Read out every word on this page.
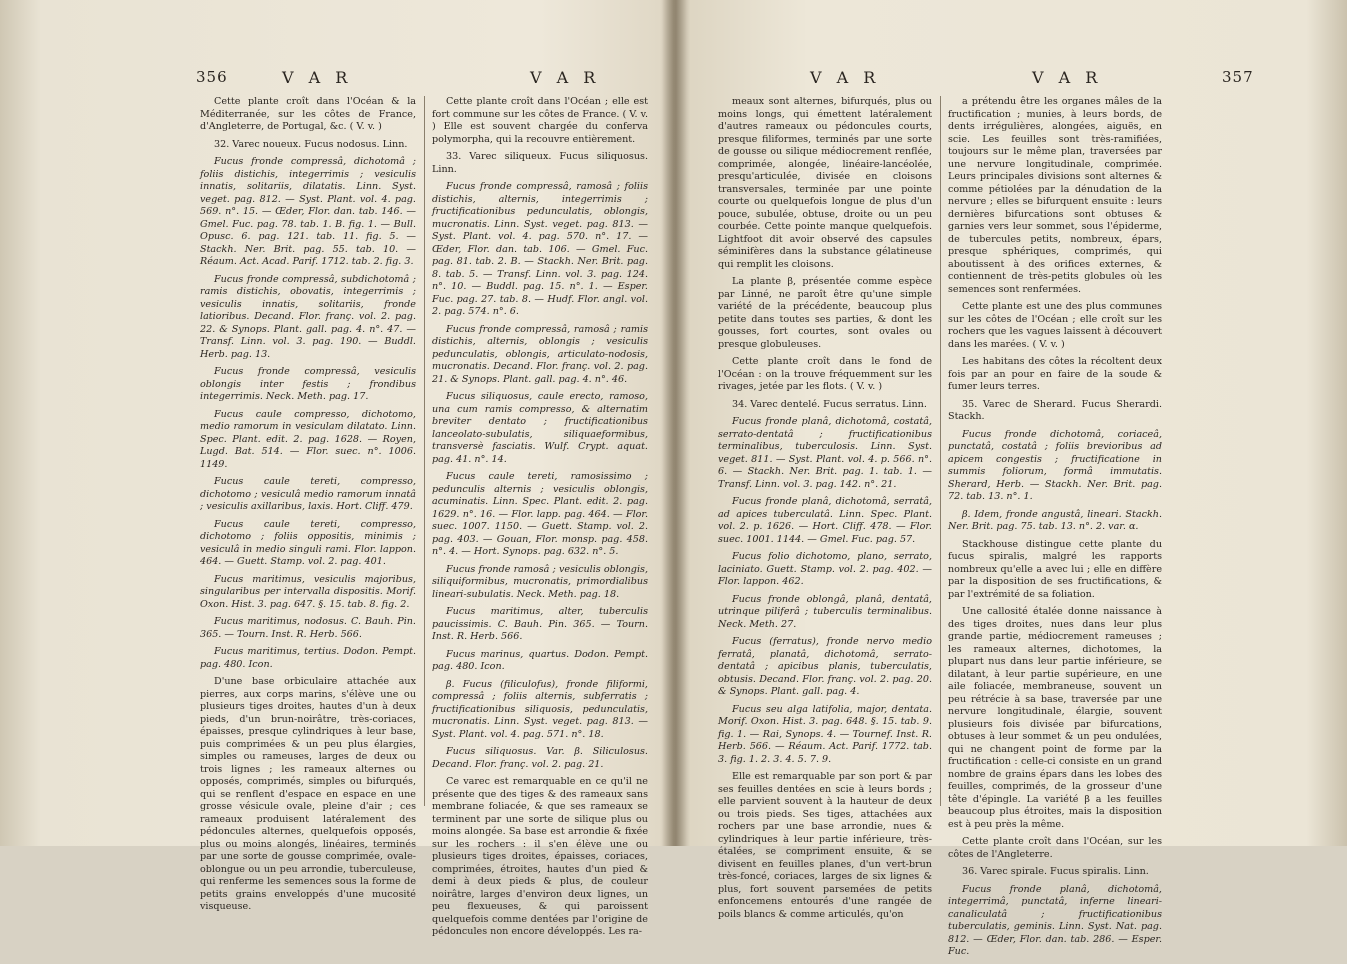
356	V A R	V A R

Cette plante croît dans l'Océan & la Méditerranée, sur les côtes de France, d'Angleterre, de Portugal, &c. ( V. v. )

32. Varec noueux. Fucus nodosus. Linn.

Fucus fronde compressâ, dichotomâ ; foliis distichis, integerrimis ; vesiculis innatis, solitariis, dilatatis. Linn. Syst. veget. pag. 812. — Syst. Plant. vol. 4. pag. 569. n°. 15. — Œder, Flor. dan. tab. 146. — Gmel. Fuc. pag. 78. tab. 1. B. fig. 1. — Bull. Opusc. 6. pag. 121. tab. 11. fig. 5. — Stackh. Ner. Brit. pag. 55. tab. 10. — Réaum. Act. Acad. Parif. 1712. tab. 2. fig. 3.

Fucus fronde compressâ, subdichotomâ ; ramis distichis, obovatis, integerrimis ; vesiculis innatis, solitariis, fronde latioribus. Decand. Flor. franç. vol. 2. pag. 22. & Synops. Plant. gall. pag. 4. n°. 47. — Transf. Linn. vol. 3. pag. 190. — Buddl. Herb. pag. 13.

Fucus fronde compressâ, vesiculis oblongis inter festis ; frondibus integerrimis. Neck. Meth. pag. 17.

Fucus caule compresso, dichotomo, medio ramorum in vesiculam dilatato. Linn. Spec. Plant. edit. 2. pag. 1628. — Royen, Lugd. Bat. 514. — Flor. suec. n°. 1006. 1149.

Fucus caule tereti, compresso, dichotomo ; vesiculâ medio ramorum innatâ ; vesiculis axillaribus, laxis. Hort. Cliff. 479.

Fucus caule tereti, compresso, dichotomo ; foliis oppositis, minimis ; vesiculâ in medio singuli rami. Flor. lappon. 464. — Guett. Stamp. vol. 2. pag. 401.

Fucus maritimus, vesiculis majoribus, singularibus per intervalla dispositis. Morif. Oxon. Hist. 3. pag. 647. §. 15. tab. 8. fig. 2.

Fucus maritimus, nodosus. C. Bauh. Pin. 365. — Tourn. Inst. R. Herb. 566.

Fucus maritimus, tertius. Dodon. Pempt. pag. 480. Icon.

D'une base orbiculaire attachée aux pierres, aux corps marins, s'élève une ou plusieurs tiges droites, hautes d'un à deux pieds, d'un brun-noirâtre, très-coriaces, épaisses, presque cylindriques à leur base, puis comprimées & un peu plus élargies, simples ou rameuses, larges de deux ou trois lignes ; les rameaux alternes ou opposés, comprimés, simples ou bifurqués, qui se renflent d'espace en espace en une grosse vésicule ovale, pleine d'air ; ces rameaux produisent latéralement des pédoncules alternes, quelquefois opposés, plus ou moins alongés, linéaires, terminés par une sorte de gousse comprimée, ovale-oblongue ou un peu arrondie, tuberculeuse, qui renferme les semences sous la forme de petits grains enveloppés d'une mucosité visqueuse.

Cette plante croît dans l'Océan ; elle est fort commune sur les côtes de France. ( V. v. ) Elle est souvent chargée du conferva polymorpha, qui la recouvre entièrement.

33. Varec siliqueux. Fucus siliquosus. Linn.

Fucus fronde compressâ, ramosâ ; foliis distichis, alternis, integerrimis ; fructificationibus pedunculatis, oblongis, mucronatis. Linn. Syst. veget. pag. 813. — Syst. Plant. vol. 4. pag. 570. n°. 17. — Œder, Flor. dan. tab. 106. — Gmel. Fuc. pag. 81. tab. 2. B. — Stackh. Ner. Brit. pag. 8. tab. 5. — Transf. Linn. vol. 3. pag. 124. n°. 10. — Buddl. pag. 15. n°. 1. — Esper. Fuc. pag. 27. tab. 8. — Hudf. Flor. angl. vol. 2. pag. 574. n°. 6.

Fucus fronde compressâ, ramosâ ; ramis distichis, alternis, oblongis ; vesiculis pedunculatis, oblongis, articulato-nodosis, mucronatis. Decand. Flor. franç. vol. 2. pag. 21. & Synops. Plant. gall. pag. 4. n°. 46.

Fucus siliquosus, caule erecto, ramoso, una cum ramis compresso, & alternatim breviter dentato ; fructificationibus lanceolato-subulatis, siliquaeformibus, transversè fasciatis. Wulf. Crypt. aquat. pag. 41. n°. 14.

Fucus caule tereti, ramosissimo ; pedunculis alternis ; vesiculis oblongis, acuminatis. Linn. Spec. Plant. edit. 2. pag. 1629. n°. 16. — Flor. lapp. pag. 464. — Flor. suec. 1007. 1150. — Guett. Stamp. vol. 2. pag. 403. — Gouan, Flor. monsp. pag. 458. n°. 4. — Hort. Synops. pag. 632. n°. 5.

Fucus fronde ramosâ ; vesiculis oblongis, siliquiformibus, mucronatis, primordialibus lineari-subulatis. Neck. Meth. pag. 18.

Fucus maritimus, alter, tuberculis paucissimis. C. Bauh. Pin. 365. — Tourn. Inst. R. Herb. 566.

Fucus marinus, quartus. Dodon. Pempt. pag. 480. Icon.

β. Fucus (filiculofus), fronde filiformi, compressâ ; foliis alternis, subferratis ; fructificationibus siliquosis, pedunculatis, mucronatis. Linn. Syst. veget. pag. 813. — Syst. Plant. vol. 4. pag. 571. n°. 18.

Fucus siliquosus. Var. β. Siliculosus. Decand. Flor. franç. vol. 2. pag. 21.

Ce varec est remarquable en ce qu'il ne présente que des tiges & des rameaux sans membrane foliacée, & que ses rameaux se terminent par une sorte de silique plus ou moins alongée. Sa base est arrondie & fixée sur les rochers : il s'en élève une ou plusieurs tiges droites, épaisses, coriaces, comprimées, étroites, hautes d'un pied & demi à deux pieds & plus, de couleur noirâtre, larges d'environ deux lignes, un peu flexueuses, & qui paroissent quelquefois comme dentées par l'origine de pédoncules non encore développés. Les ra-

V A R	V A R	357

meaux sont alternes, bifurqués, plus ou moins longs, qui émettent latéralement d'autres rameaux ou pédoncules courts, presque filiformes, terminés par une sorte de gousse ou silique médiocrement renflée, comprimée, alongée, linéaire-lancéolée, presqu'articulée, divisée en cloisons transversales, terminée par une pointe courte ou quelquefois longue de plus d'un pouce, subulée, obtuse, droite ou un peu courbée. Cette pointe manque quelquefois. Lightfoot dit avoir observé des capsules séminifères dans la substance gélatineuse qui remplit les cloisons.

La plante β, présentée comme espèce par Linné, ne paroît être qu'une simple variété de la précédente, beaucoup plus petite dans toutes ses parties, & dont les gousses, fort courtes, sont ovales ou presque globuleuses.

Cette plante croît dans le fond de l'Océan : on la trouve fréquemment sur les rivages, jetée par les flots. ( V. v. )

34. Varec dentelé. Fucus serratus. Linn.

Fucus fronde planâ, dichotomâ, costatâ, serrato-dentatâ ; fructificationibus terminalibus, tuberculosis. Linn. Syst. veget. 811. — Syst. Plant. vol. 4. p. 566. n°. 6. — Stackh. Ner. Brit. pag. 1. tab. 1. — Transf. Linn. vol. 3. pag. 142. n°. 21.

Fucus fronde planâ, dichotomâ, serratâ, ad apices tuberculatâ. Linn. Spec. Plant. vol. 2. p. 1626. — Hort. Cliff. 478. — Flor. suec. 1001. 1144. — Gmel. Fuc. pag. 57.

Fucus folio dichotomo, plano, serrato, laciniato. Guett. Stamp. vol. 2. pag. 402. — Flor. lappon. 462.

Fucus fronde oblongâ, planâ, dentatâ, utrinque piliferâ ; tuberculis terminalibus. Neck. Meth. 27.

Fucus (ferratus), fronde nervo medio ferratâ, planatâ, dichotomâ, serrato-dentatâ ; apicibus planis, tuberculatis, obtusis. Decand. Flor. franç. vol. 2. pag. 20. & Synops. Plant. gall. pag. 4.

Fucus seu alga latifolia, major, dentata. Morif. Oxon. Hist. 3. pag. 648. §. 15. tab. 9. fig. 1. — Rai, Synops. 4. — Tournef. Inst. R. Herb. 566. — Réaum. Act. Parif. 1772. tab. 3. fig. 1. 2. 3. 4. 5. 7. 9.

Elle est remarquable par son port & par ses feuilles dentées en scie à leurs bords ; elle parvient souvent à la hauteur de deux ou trois pieds. Ses tiges, attachées aux rochers par une base arrondie, nues & cylindriques à leur partie inférieure, très-étalées, se compriment ensuite, & se divisent en feuilles planes, d'un vert-brun très-foncé, coriaces, larges de six lignes & plus, fort souvent parsemées de petits enfoncemens entourés d'une rangée de poils blancs & comme articulés, qu'on

a prétendu être les organes mâles de la fructification ; munies, à leurs bords, de dents irrégulières, alongées, aiguës, en scie. Les feuilles sont très-ramifiées, toujours sur le même plan, traversées par une nervure longitudinale, comprimée. Leurs principales divisions sont alternes & comme pétiolées par la dénudation de la nervure ; elles se bifurquent ensuite : leurs dernières bifurcations sont obtuses & garnies vers leur sommet, sous l'épiderme, de tubercules petits, nombreux, épars, presque sphériques, comprimés, qui aboutissent à des orifices externes, & contiennent de très-petits globules où les semences sont renfermées.

Cette plante est une des plus communes sur les côtes de l'Océan ; elle croît sur les rochers que les vagues laissent à découvert dans les marées. ( V. v. )

Les habitans des côtes la récoltent deux fois par an pour en faire de la soude & fumer leurs terres.

35. Varec de Sherard. Fucus Sherardi. Stackh.

Fucus fronde dichotomâ, coriaceâ, punctatâ, costatâ ; foliis brevioribus ad apicem congestis ; fructificatione in summis foliorum, formâ immutatis. Sherard, Herb. — Stackh. Ner. Brit. pag. 72. tab. 13. n°. 1.

β. Idem, fronde angustâ, lineari. Stackh. Ner. Brit. pag. 75. tab. 13. n°. 2. var. α.

Stackhouse distingue cette plante du fucus spiralis, malgré les rapports nombreux qu'elle a avec lui ; elle en diffère par la disposition de ses fructifications, & par l'extrémité de sa foliation.

Une callosité étalée donne naissance à des tiges droites, nues dans leur plus grande partie, médiocrement rameuses ; les rameaux alternes, dichotomes, la plupart nus dans leur partie inférieure, se dilatant, à leur partie supérieure, en une aile foliacée, membraneuse, souvent un peu rétrécie à sa base, traversée par une nervure longitudinale, élargie, souvent plusieurs fois divisée par bifurcations, obtuses à leur sommet & un peu ondulées, qui ne changent point de forme par la fructification : celle-ci consiste en un grand nombre de grains épars dans les lobes des feuilles, comprimés, de la grosseur d'une tête d'épingle. La variété β a les feuilles beaucoup plus étroites, mais la disposition est à peu près la même.

Cette plante croît dans l'Océan, sur les côtes de l'Angleterre.

36. Varec spirale. Fucus spiralis. Linn.

Fucus fronde planâ, dichotomâ, integerrimâ, punctatâ, inferne lineari-canaliculatâ ; fructificationibus tuberculatis, geminis. Linn. Syst. Nat. pag. 812. — Œder, Flor. dan. tab. 286. — Esper. Fuc.
